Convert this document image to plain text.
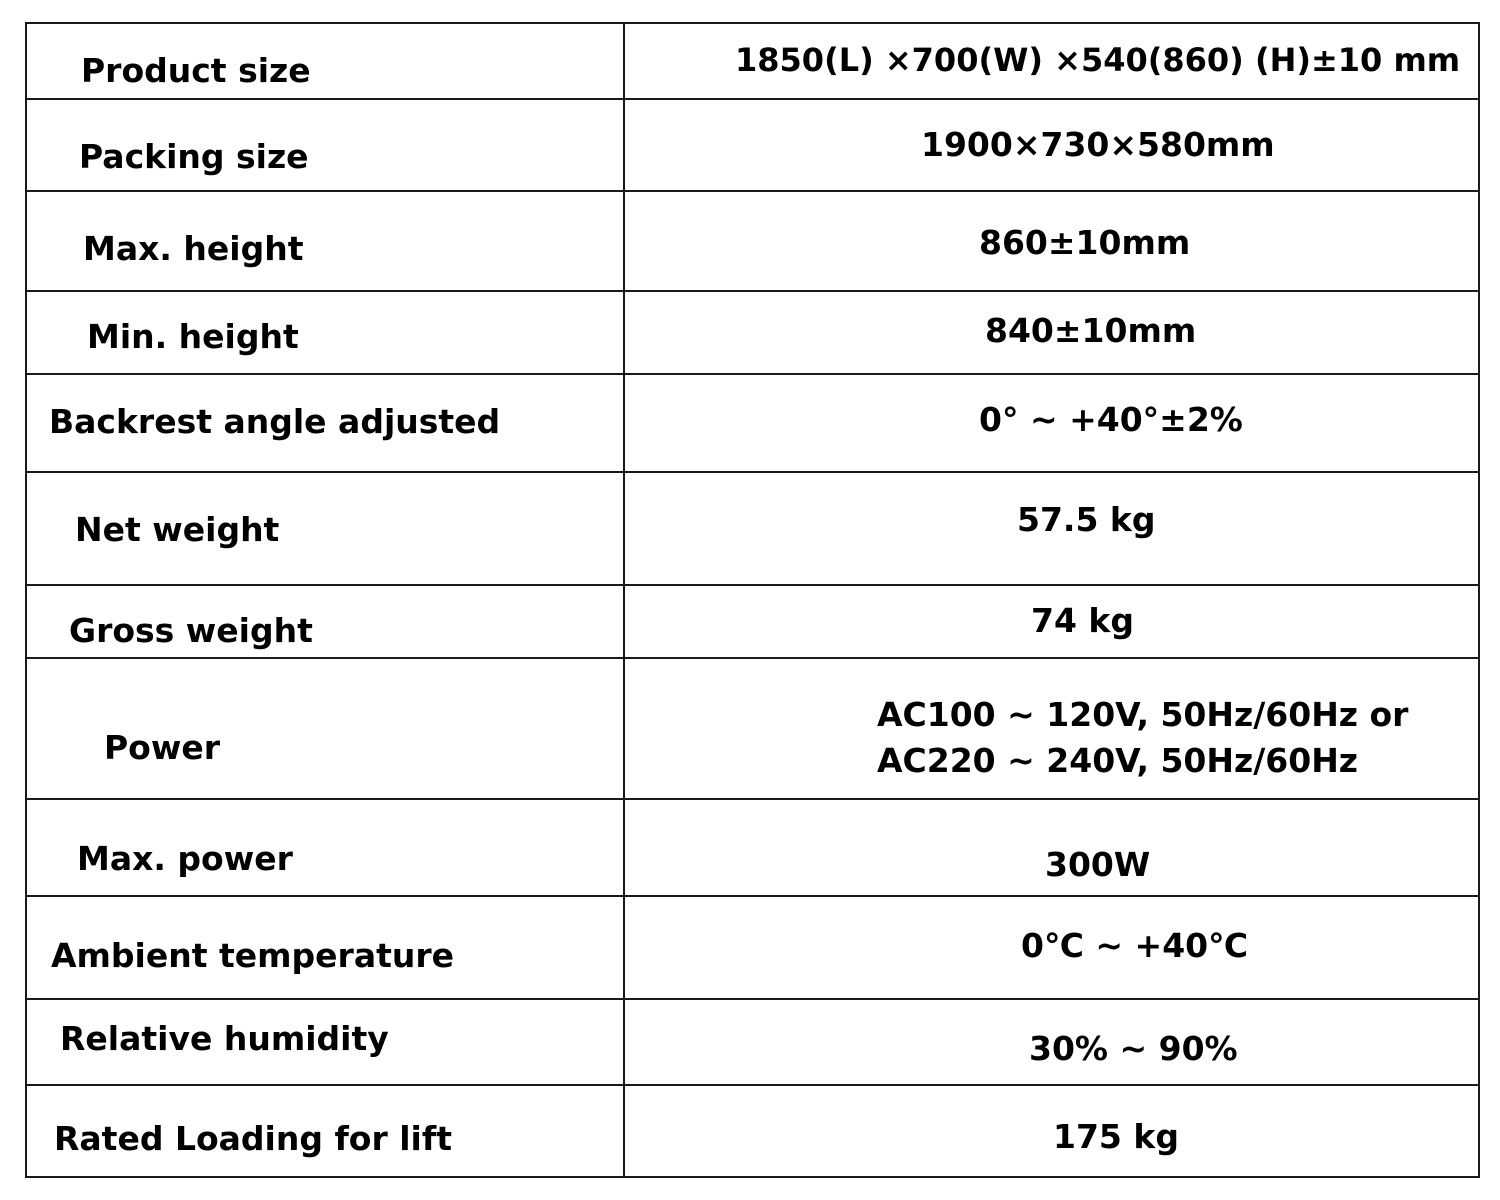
Product size	1850(L) ×700(W) ×540(860) (H)±10 mm

Packing size	1900×730×580mm

Max. height	860±10mm

Min. height	840±10mm

Backrest angle adjusted	0° ~ +40°±2%

Net weight	57.5 kg

Gross weight	74 kg

Power	AC100 ~ 120V, 50Hz/60Hz or
AC220 ~ 240V, 50Hz/60Hz

Max. power	300W

Ambient temperature	0℃ ~ +40℃

Relative humidity	30% ~ 90%

Rated Loading for lift	175 kg
